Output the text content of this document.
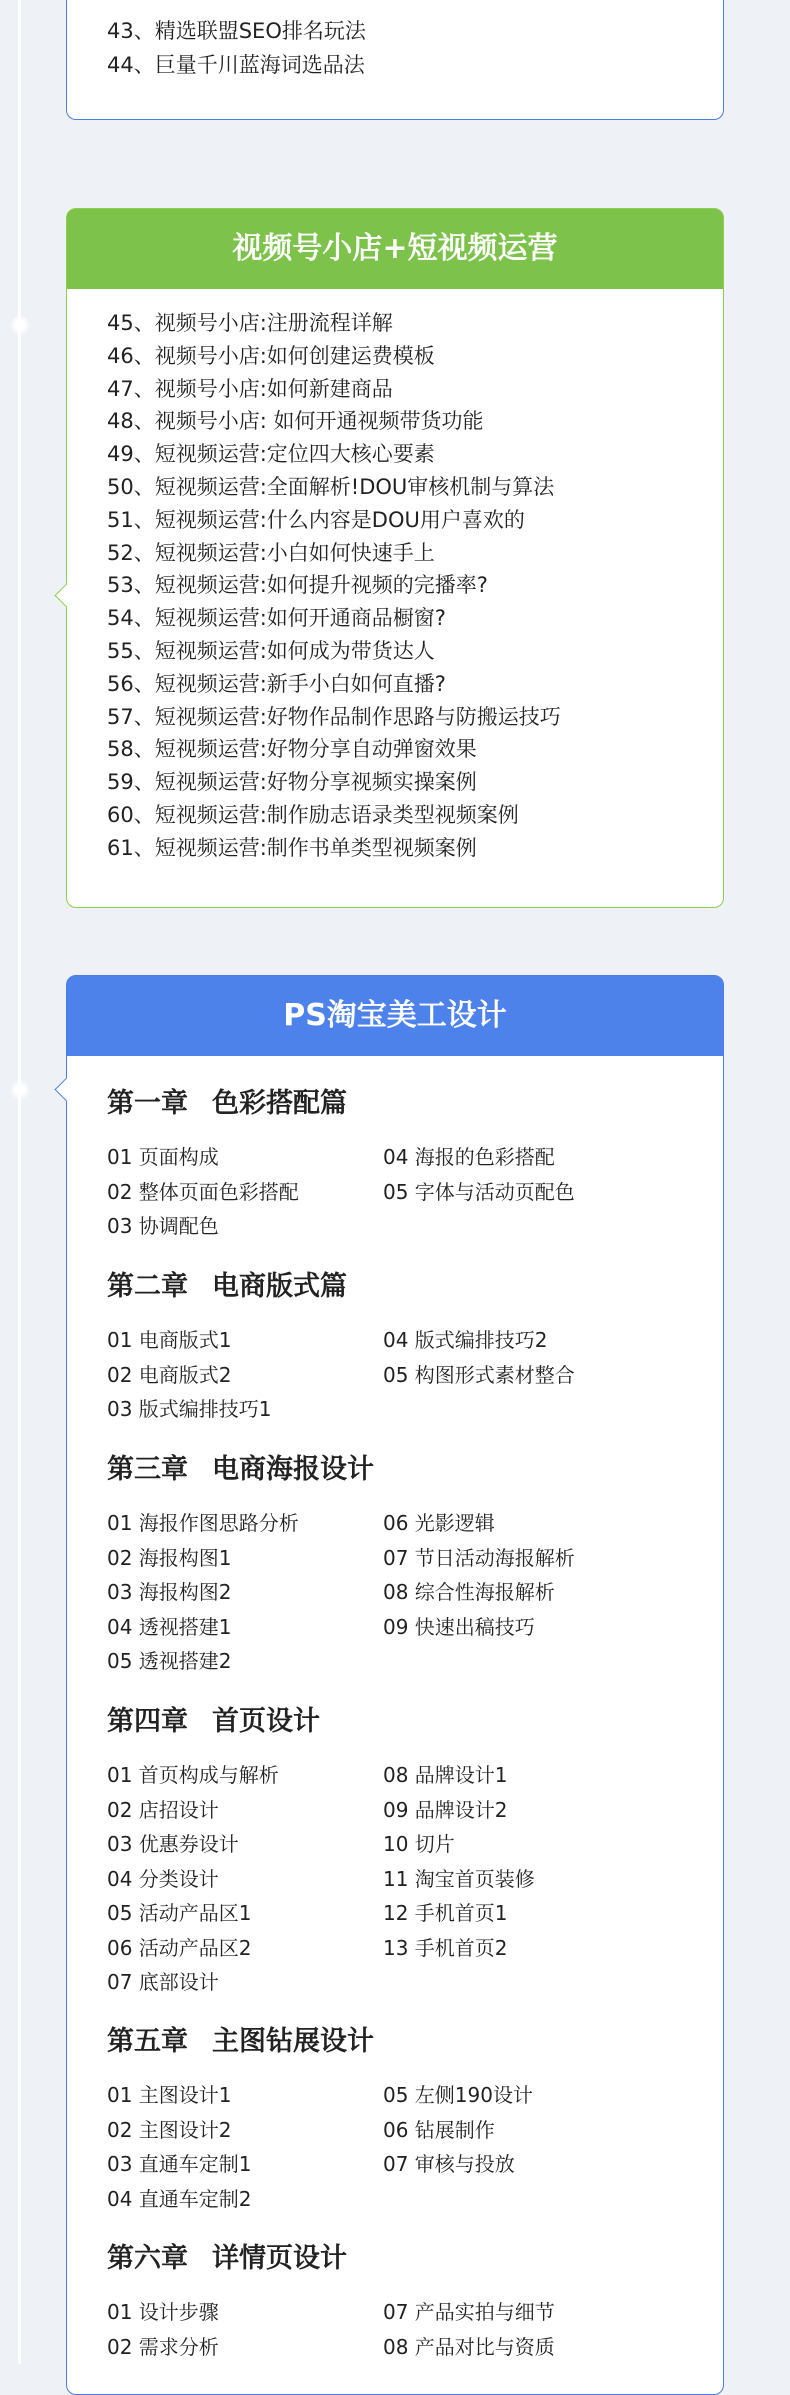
43、精选联盟SEO排名玩法
44、巨量千川蓝海词选品法
视频号小店+短视频运营
45、视频号小店:注册流程详解
46、视频号小店:如何创建运费模板
47、视频号小店:如何新建商品
48、视频号小店: 如何开通视频带货功能
49、短视频运营:定位四大核心要素
50、短视频运营:全面解析!DOU审核机制与算法
51、短视频运营:什么内容是DOU用户喜欢的
52、短视频运营:小白如何快速手上
53、短视频运营:如何提升视频的完播率?
54、短视频运营:如何开通商品橱窗?
55、短视频运营:如何成为带货达人
56、短视频运营:新手小白如何直播?
57、短视频运营:好物作品制作思路与防搬运技巧
58、短视频运营:好物分享自动弹窗效果
59、短视频运营:好物分享视频实操案例
60、短视频运营:制作励志语录类型视频案例
61、短视频运营:制作书单类型视频案例
PS淘宝美工设计

第一章 色彩搭配篇

01 页面构成	04 海报的色彩搭配
02 整体页面色彩搭配	05 字体与活动页配色
03 协调配色

第二章 电商版式篇

01 电商版式1	04 版式编排技巧2
02 电商版式2	05 构图形式素材整合
03 版式编排技巧1

第三章 电商海报设计

01 海报作图思路分析	06 光影逻辑
02 海报构图1	07 节日活动海报解析
03 海报构图2	08 综合性海报解析
04 透视搭建1	09 快速出稿技巧
05 透视搭建2

第四章 首页设计

01 首页构成与解析	08 品牌设计1
02 店招设计	09 品牌设计2
03 优惠券设计	10 切片
04 分类设计	11 淘宝首页装修
05 活动产品区1	12 手机首页1
06 活动产品区2	13 手机首页2
07 底部设计

第五章 主图钻展设计

01 主图设计1	05 左侧190设计
02 主图设计2	06 钻展制作
03 直通车定制1	07 审核与投放
04 直通车定制2

第六章 详情页设计

01 设计步骤	07 产品实拍与细节
02 需求分析	08 产品对比与资质
